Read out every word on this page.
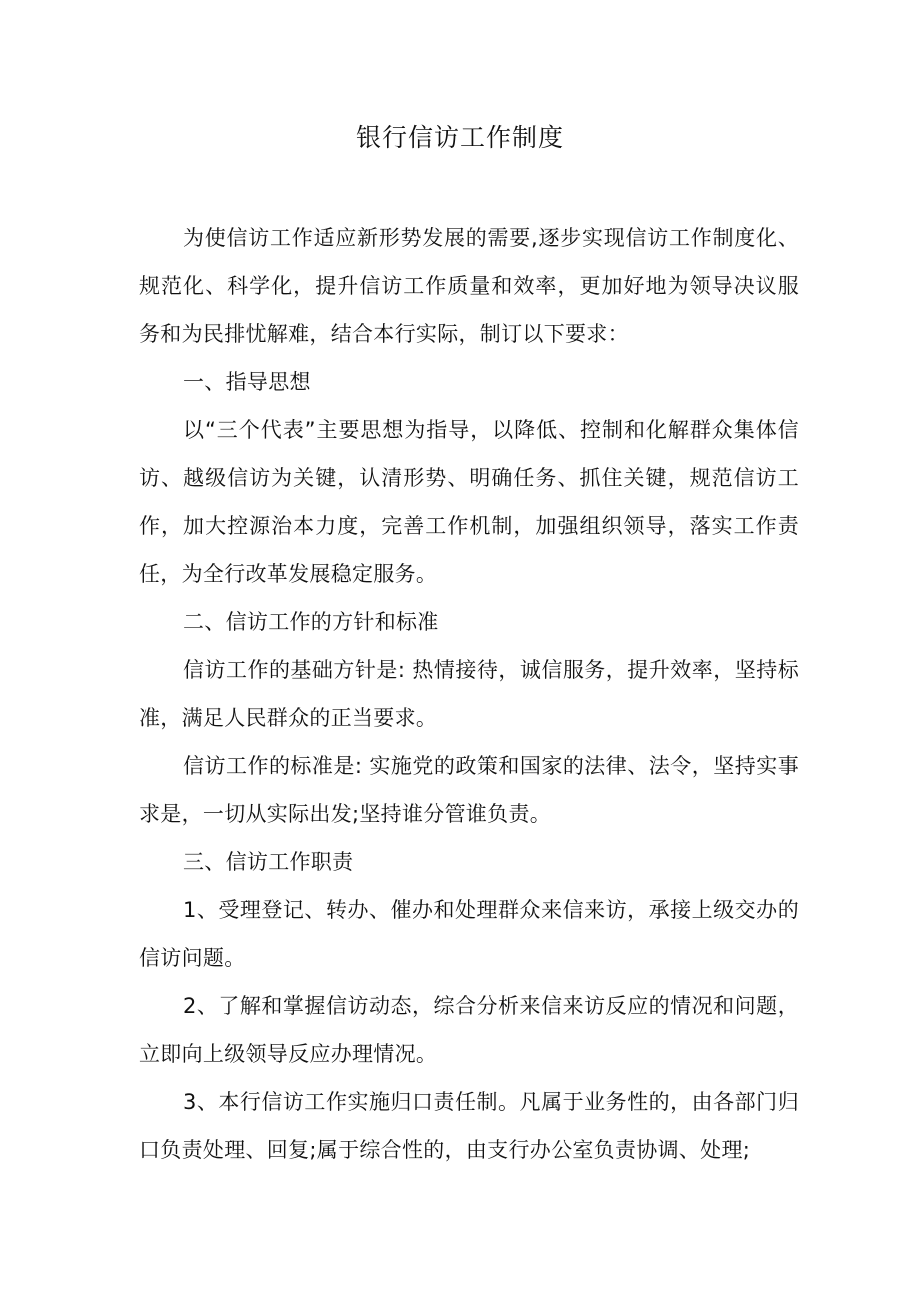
银行信访工作制度

为使信访工作适应新形势发展的需要,逐步实现信访工作制度化、规范化、科学化，提升信访工作质量和效率，更加好地为领导决议服务和为民排忧解难，结合本行实际，制订以下要求：

一、指导思想

以“三个代表”主要思想为指导，以降低、控制和化解群众集体信访、越级信访为关键，认清形势、明确任务、抓住关键，规范信访工作，加大控源治本力度，完善工作机制，加强组织领导，落实工作责任，为全行改革发展稳定服务。

二、信访工作的方针和标准

信访工作的基础方针是: 热情接待，诚信服务，提升效率，坚持标准，满足人民群众的正当要求。

信访工作的标准是: 实施党的政策和国家的法律、法令，坚持实事求是，一切从实际出发;坚持谁分管谁负责。

三、信访工作职责

1、受理登记、转办、催办和处理群众来信来访，承接上级交办的信访问题。

2、了解和掌握信访动态，综合分析来信来访反应的情况和问题，立即向上级领导反应办理情况。

3、本行信访工作实施归口责任制。凡属于业务性的，由各部门归口负责处理、回复;属于综合性的，由支行办公室负责协调、处理;
